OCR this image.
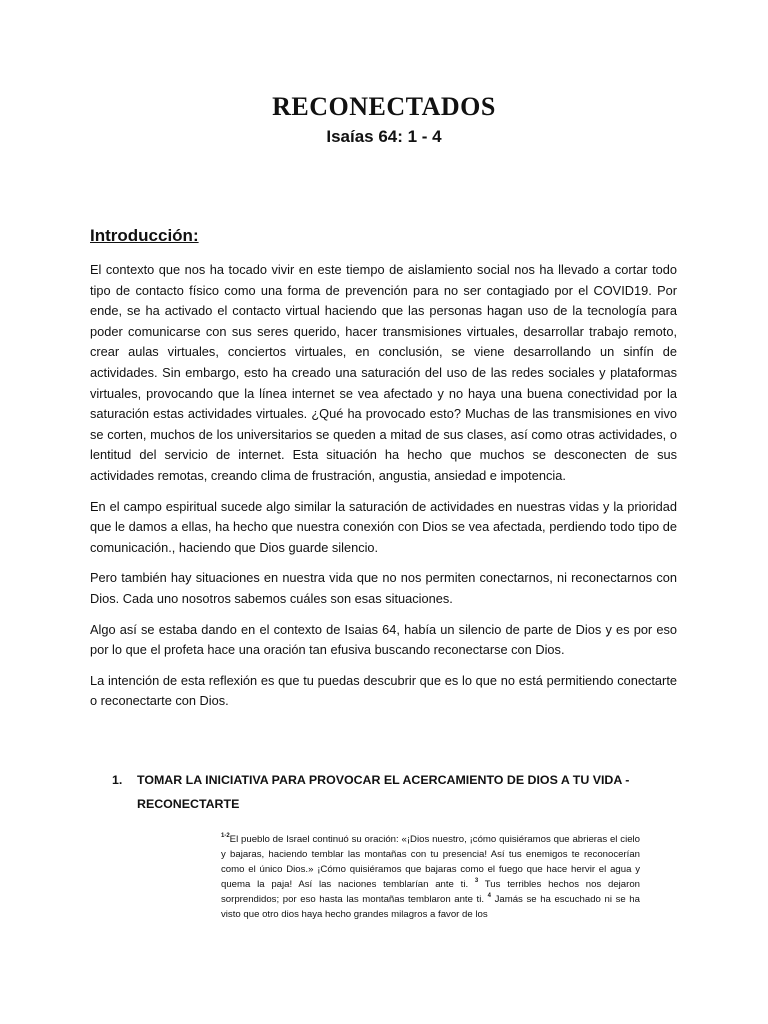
RECONECTADOS
Isaías 64: 1 - 4
Introducción:

El contexto que nos ha tocado vivir en este tiempo de aislamiento social nos ha llevado a cortar todo tipo de contacto físico como una forma de prevención para no ser contagiado por el COVID19. Por ende, se ha activado el contacto virtual haciendo que las personas hagan uso de la tecnología para poder comunicarse con sus seres querido, hacer transmisiones virtuales, desarrollar trabajo remoto, crear aulas virtuales, conciertos virtuales, en conclusión, se viene desarrollando un sinfín de actividades. Sin embargo, esto ha creado una saturación del uso de las redes sociales y plataformas virtuales, provocando que la línea internet se vea afectado y no haya una buena conectividad por la saturación estas actividades virtuales. ¿Qué ha provocado esto? Muchas de las transmisiones en vivo se corten, muchos de los universitarios se queden a mitad de sus clases, así como otras actividades, o lentitud del servicio de internet. Esta situación ha hecho que muchos se desconecten de sus actividades remotas, creando clima de frustración, angustia, ansiedad e impotencia.

En el campo espiritual sucede algo similar la saturación de actividades en nuestras vidas y la prioridad que le damos a ellas, ha hecho que nuestra conexión con Dios se vea afectada, perdiendo todo tipo de comunicación., haciendo que Dios guarde silencio.

Pero también hay situaciones en nuestra vida que no nos permiten conectarnos, ni reconectarnos con Dios. Cada uno nosotros sabemos cuáles son esas situaciones.

Algo así se estaba dando en el contexto de Isaias 64, había un silencio de parte de Dios y es por eso por lo que el profeta hace una oración tan efusiva buscando reconectarse con Dios.

La intención de esta reflexión es que tu puedas descubrir que es lo que no está permitiendo conectarte o reconectarte con Dios.

1. TOMAR LA INICIATIVA PARA PROVOCAR EL ACERCAMIENTO DE DIOS A TU VIDA -
RECONECTARTE
$^{1-2}$El pueblo de Israel continuó su oración: «¡Dios nuestro, ¡cómo quisiéramos que abrieras el cielo y bajaras, haciendo temblar las montañas con tu presencia! Así tus enemigos te reconocerían como el único Dios.» ¡Cómo quisiéramos que bajaras como el fuego que hace hervir el agua y quema la paja! Así las naciones temblarían ante ti. $^3$ Tus terribles hechos nos dejaron sorprendidos; por eso hasta las montañas temblaron ante ti. $^4$ Jamás se ha escuchado ni se ha visto que otro dios haya hecho grandes milagros a favor de los
